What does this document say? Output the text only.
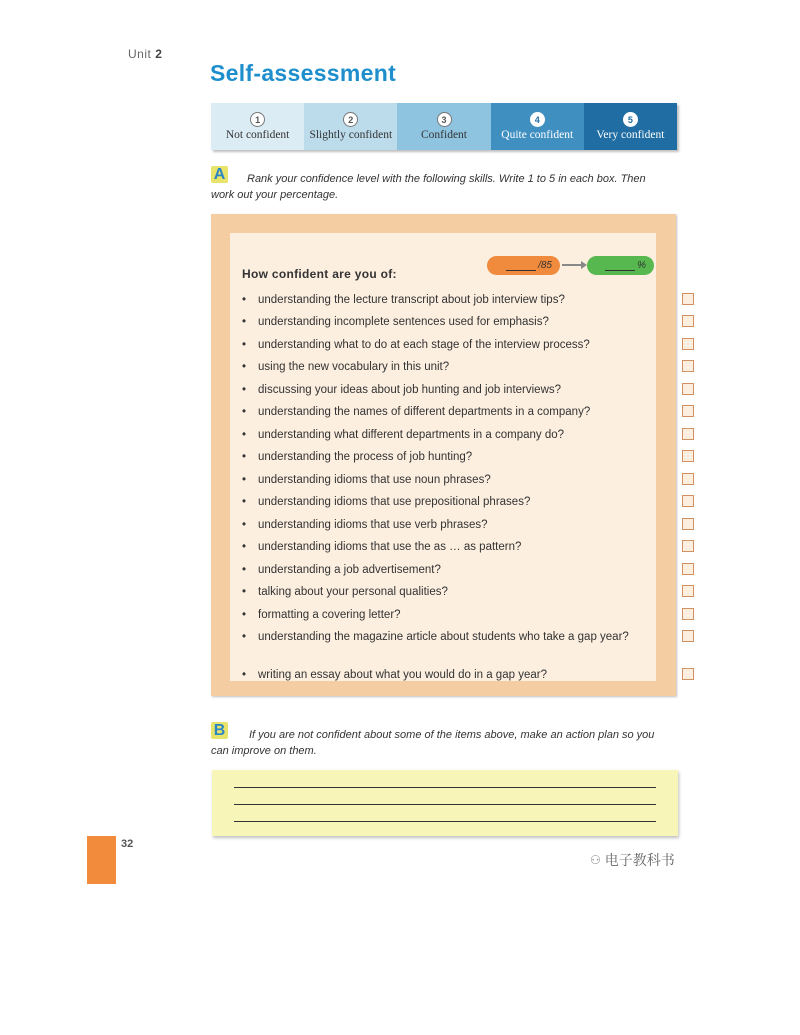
Unit 2
Self-assessment
1
Not confident
2
Slightly confident
3
Confident
4
Quite confident
5
Very confident
A	Rank your confidence level with the following skills. Write 1 to 5 in each box. Then work out your percentage.
How confident are you of:
/85	%
• understanding the lecture transcript about job interview tips?
• understanding incomplete sentences used for emphasis?
• understanding what to do at each stage of the interview process?
• using the new vocabulary in this unit?
• discussing your ideas about job hunting and job interviews?
• understanding the names of different departments in a company?
• understanding what different departments in a company do?
• understanding the process of job hunting?
• understanding idioms that use noun phrases?
• understanding idioms that use prepositional phrases?
• understanding idioms that use verb phrases?
• understanding idioms that use the as … as pattern?
• understanding a job advertisement?
• talking about your personal qualities?
• formatting a covering letter?
• understanding the magazine article about students who take a gap year?
• writing an essay about what you would do in a gap year?
B	If you are not confident about some of the items above, make an action plan so you can improve on them.
32
⚇ 电子教科书
